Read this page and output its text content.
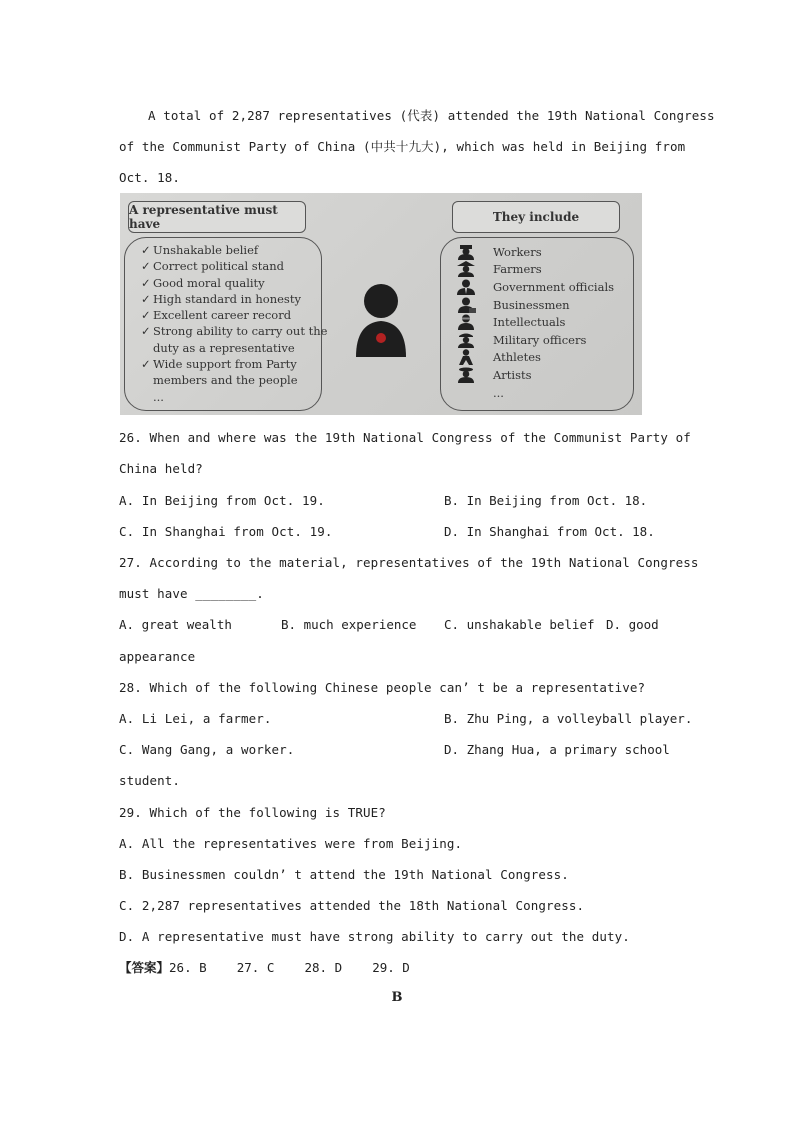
A total of 2,287 representatives (代表) attended the 19th National Congress
of the Communist Party of China (中共十九大), which was held in Beijing from
Oct. 18.
A representative must have	They include
✓ Unshakable belief
✓ Correct political stand
✓ Good moral quality
✓ High standard in honesty
✓ Excellent career record
✓ Strong ability to carry out the
duty as a representative
✓ Wide support from Party
members and the people
...
Workers
Farmers
Government officials
Businessmen
Intellectuals
Military officers
Athletes
Artists
...
26. When and where was the 19th National Congress of the Communist Party of
China held?
A. In Beijing from Oct. 19.	B. In Beijing from Oct. 18.
C. In Shanghai from Oct. 19.	D. In Shanghai from Oct. 18.
27. According to the material, representatives of the 19th National Congress
must have ________.
A. great wealth	B. much experience C. unshakable belief D. good
appearance
28. Which of the following Chinese people can’ t be a representative?
A. Li Lei, a farmer.	B. Zhu Ping, a volleyball player.
C. Wang Gang, a worker.	D. Zhang Hua, a primary school
student.
29. Which of the following is TRUE?
A. All the representatives were from Beijing.
B. Businessmen couldn’ t attend the 19th National Congress.
C. 2,287 representatives attended the 18th National Congress.
D. A representative must have strong ability to carry out the duty.
【答案】26. B    27. C    28. D    29. D
B
